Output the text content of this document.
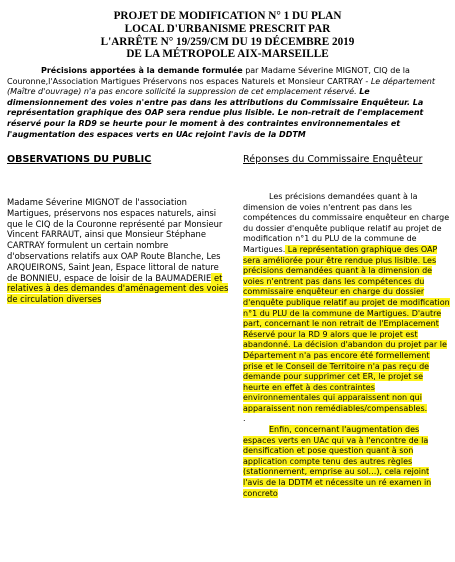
PROJET DE MODIFICATION N° 1 DU PLAN
LOCAL D'URBANISME PRESCRIT PAR
L'ARRÊTE N° 19/259/CM DU 19 DÉCEMBRE 2019
DE LA MÉTROPOLE AIX-MARSEILLE

Précisions apportées à la demande formulée par Madame Séverine MIGNOT, CIQ de la Couronne,l'Association Martigues Préservons nos espaces Naturels et Monsieur CARTRAY - Le département (Maître d'ouvrage) n'a pas encore sollicité la suppression de cet emplacement réservé. Le dimensionnement des voies n'entre pas dans les attributions du Commissaire Enquêteur. La représentation graphique des OAP sera rendue plus lisible. Le non-retrait de l'emplacement réservé pour la RD9 se heurte pour le moment à des contraintes environnementales et l'augmentation des espaces verts en UAc rejoint l'avis de la DDTM

OBSERVATIONS DU PUBLIC	Réponses du Commissaire Enquêteur
Madame Séverine MIGNOT de l'association Martigues, préservons nos espaces naturels, ainsi que le CIQ de la Couronne représenté par Monsieur Vincent FARRAUT, ainsi que Monsieur Stéphane CARTRAY formulent un certain nombre d'observations relatifs aux OAP Route Blanche, Les ARQUEIRONS, Saint Jean, Espace littoral de nature de BONNIEU, espace de loisir de la BAUMADERIE et relatives à des demandes d'aménagement des voies de circulation diverses

Les précisions demandées quant à la dimension de voies n'entrent pas dans les compétences du commissaire enquêteur en charge du dossier d'enquête publique relatif au projet de modification n°1 du PLU de la commune de Martigues. La représentation graphique des OAP sera améliorée pour être rendue plus lisible. Les précisions demandées quant à la dimension de voies n'entrent pas dans les compétences du commissaire enquêteur en charge du dossier d'enquête publique relatif au projet de modification n°1 du PLU de la commune de Martigues. D'autre part, concernant le non retrait de l'Emplacement Réservé pour la RD 9 alors que le projet est abandonné. La décision d'abandon du projet par le Département n'a pas encore été formellement prise et le Conseil de Territoire n'a pas reçu de demande pour supprimer cet ER, le projet se heurte en effet à des contraintes environnementales qui apparaissent non qui apparaissent non remédiables/compensables.

.

Enfin, concernant l'augmentation des espaces verts en UAc qui va à l'encontre de la densification et pose question quant à son application compte tenu des autres règles (stationnement, emprise au sol…), cela rejoint l'avis de la DDTM et nécessite un ré examen in concreto
